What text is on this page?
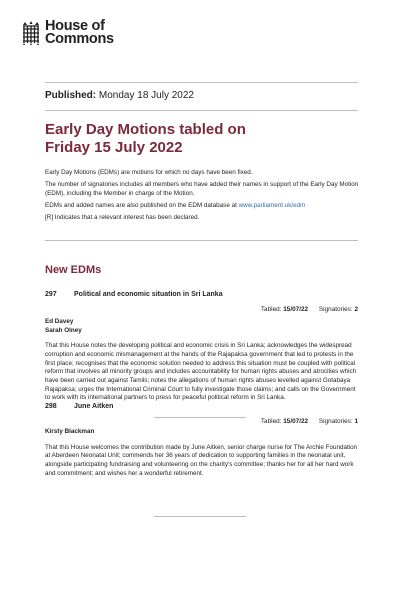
House of
Commons
Published: Monday 18 July 2022
Early Day Motions tabled on
Friday 15 July 2022

Early Day Motions (EDMs) are motions for which no days have been fixed.

The number of signatories includes all members who have added their names in support of the Early Day Motion (EDM), including the Member in charge of the Motion.

EDMs and added names are also published on the EDM database at www.parliament.uk/edm

[R] Indicates that a relevant interest has been declared.

New EDMs
297 Political and economic situation in Sri Lanka
Tabled: 15/07/22 Signatories: 2
Ed Davey
Sarah Olney
That this House notes the developing political and economic crisis in Sri Lanka; acknowledges the widespread corruption and economic mismanagement at the hands of the Rajapaksa government that led to protests in the first place; recognises that the economic solution needed to address this situation must be coupled with political reform that involves all minority groups and includes accountability for human rights abuses and atrocities which have been carried out against Tamils; notes the allegations of human rights abuses levelled against Gotabaya Rajapaksa; urges the International Criminal Court to fully investigate those claims; and calls on the Government to work with its international partners to press for peaceful political reform in Sri Lanka.
298 June Aitken
Tabled: 15/07/22 Signatories: 1
Kirsty Blackman
That this House welcomes the contribution made by June Aitken, senior charge nurse for The Archie Foundation at Aberdeen Neonatal Unit; commends her 36 years of dedication to supporting families in the neonatal unit, alongside participating fundraising and volunteering on the charity's committee; thanks her for all her hard work and commitment; and wishes her a wonderful retirement.
